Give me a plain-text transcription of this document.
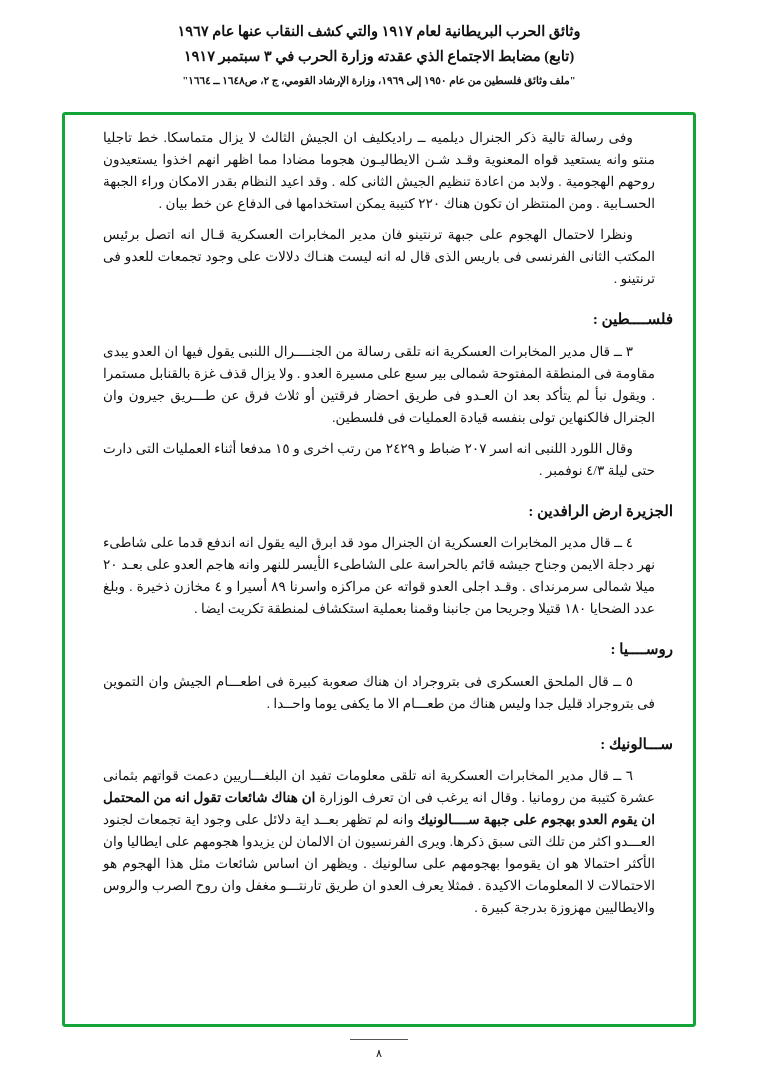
وثائق الحرب البريطانية لعام ١٩١٧ والتي كشف النقاب عنها عام ١٩٦٧
(تابع) مضابط الاجتماع الذي عقدته وزارة الحرب في ٣ سبتمبر ١٩١٧
"ملف وثائق فلسطين من عام ١٩٥٠ إلى ١٩٦٩، وزارة الإرشاد القومي، ج ٢، ص١٦٤٨ ــ ١٦٦٤"

وفى رسالة تالية ذكر الجنرال ديلميه ــ راديكليف ان الجيش الثالث لا يزال متماسكا. خط تاجليا منتو وانه يستعيد قواه المعنوية وقـد شـن الايطاليـون هجوما مضادا مما اظهر انهم اخذوا يستعيدون روحهم الهجومية . ولابد من اعادة تنظيم الجيش الثانى كله . وقد اعيد النظام بقدر الامكان وراء الجبهة الحسـابية . ومن المنتظر ان تكون هناك ٢٢٠ كتيبة يمكن استخدامها فى الدفاع عن خط بيان .

ونظرا لاحتمال الهجوم على جبهة ترنتينو فان مدير المخابرات العسكرية قـال انه اتصل برئيس المكتب الثانى الفرنسى فى باريس الذى قال له انه ليست هنـاك دلالات على وجود تجمعات للعدو فى ترنتينو .

فلســــطين :

٣ ــ قال مدير المخابرات العسكرية انه تلقى رسالة من الجنــــرال اللنبى يقول فيها ان العدو يبدى مقاومة فى المنطقة المفتوحة شمالى بير سبع على مسيرة العدو . ولا يزال قذف غزة بالقنابل مستمرا . ويقول نبأ لم يتأكد بعد ان العـدو فى طريق احضار فرقتين أو ثلاث فرق عن طـــريق جيرون وان الجنرال فالكنهاين تولى بنفسه قيادة العمليات فى فلسطين.

وقال اللورد اللنبى انه اسر ٢٠٧ ضباط و ٢٤٢٩ من رتب اخرى و ١٥ مدفعا أثناء العمليات التى دارت حتى ليلة ٤/٣ نوفمبر .

الجزيرة ارض الرافدين :

٤ ــ قال مدير المخابرات العسكرية ان الجنرال مود قد ابرق اليه يقول انه اندفع قدما على شاطىء نهر دجلة الايمن وجناح جيشه قائم بالحراسة على الشاطىء الأيسر للنهر وانه هاجم العدو على بعـد ٢٠ ميلا شمالى سرمرنداى . وقـد اجلى العدو قواته عن مراكزه واسرنا ٨٩ أسيرا و ٤ مخازن ذخيرة . وبلغ عدد الضحايا ١٨٠ قتيلا وجريحا من جانبنا وقمنا بعملية استكشاف لمنطقة تكريت ايضا .

روســــيا :

٥ ــ قال الملحق العسكرى فى بتروجراد ان هناك صعوبة كبيرة فى اطعـــام الجيش وان التموين فى بتروجراد قليل جدا وليس هناك من طعـــام الا ما يكفى يوما واحــدا .

ســـالونيك :

٦ ــ قال مدير المخابرات العسكرية انه تلقى معلومات تفيد ان البلغـــاريين دعمت قواتهم بثمانى عشرة كتيبة من رومانيا . وقال انه يرغب فى ان تعرف الوزارة ان هناك شائعات تقول انه من المحتمل ان يقوم العدو بهجوم على جبهة ســــالونيك وانه لم تظهر بعــد اية دلائل على وجود اية تجمعات لجنود العـــدو اكثر من تلك التى سبق ذكرها. ويرى الفرنسيون ان الالمان لن يزيدوا هجومهم على ايطاليا وان الأكثر احتمالا هو ان يقوموا بهجومهم على سالونيك . ويظهر ان اساس شائعات مثل هذا الهجوم هو الاحتمالات لا المعلومات الاكيدة . فمثلا يعرف العدو ان طريق تارنتـــو مغفل وان روح الصرب والروس والايطاليين مهزوزة بدرجة كبيرة .

٨
